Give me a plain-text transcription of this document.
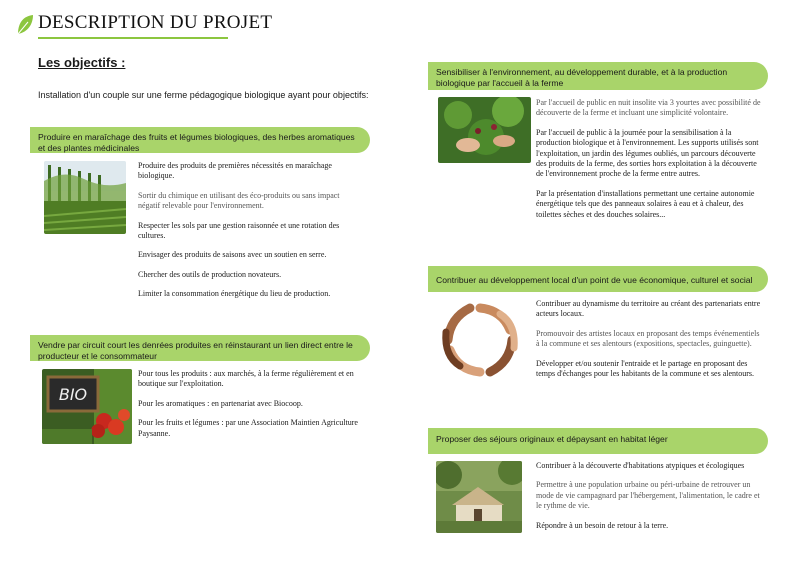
DESCRIPTION DU PROJET
Les objectifs :
Installation d'un couple sur une ferme pédagogique biologique ayant pour objectifs:
Produire en maraîchage des fruits et légumes biologiques, des herbes aromatiques et des plantes médicinales

Produire des produits de premières nécessités en maraîchage biologique.

Sortir du chimique en utilisant des éco-produits ou sans impact négatif relevable pour l'environnement.

Respecter les sols par une gestion raisonnée et une rotation des cultures.

Envisager des produits de saisons avec un soutien en serre.

Chercher des outils de production novateurs.

Limiter la consommation énergétique du lieu de production.

Vendre par circuit court les denrées produites en réinstaurant un lien direct entre le producteur et le consommateur
BIO

Pour tous les produits : aux marchés, à la ferme régulièrement et en boutique sur l'exploitation.

Pour les aromatiques : en partenariat avec Biocoop.

Pour les fruits et légumes : par une Association Maintien Agriculture Paysanne.

Sensibiliser à l'environnement, au développement durable, et à la production biologique par l'accueil à la ferme

Par l'accueil de public en nuit insolite via 3 yourtes avec possibilité de découverte de la ferme et incluant une simplicité volontaire.

Par l'accueil de public à la journée pour la sensibilisation à la production biologique et à l'environnement. Les supports utilisés sont l'exploitation, un jardin des légumes oubliés, un parcours découverte des produits de la ferme, des sorties hors exploitation à la découverte de l'environnement proche de la ferme entre autres.

Par la présentation d'installations permettant une certaine autonomie énergétique tels que des panneaux solaires à eau et à chaleur, des toilettes sèches et des douches solaires...

Contribuer au développement local d'un point de vue économique, culturel et social

Contribuer au dynamisme du territoire au créant des partenariats entre acteurs locaux.

Promouvoir des artistes locaux en proposant des temps événementiels à la commune et ses alentours (expositions, spectacles, guinguette).

Développer et/ou soutenir l'entraide et le partage en proposant des temps d'échanges pour les habitants de la commune et ses alentours.

Proposer des séjours originaux et dépaysant en habitat léger

Contribuer à la découverte d'habitations atypiques et écologiques

Permettre à une population urbaine ou péri-urbaine de retrouver un mode de vie campagnard par l'hébergement, l'alimentation, le cadre et le rythme de vie.

Répondre à un besoin de retour à la terre.
